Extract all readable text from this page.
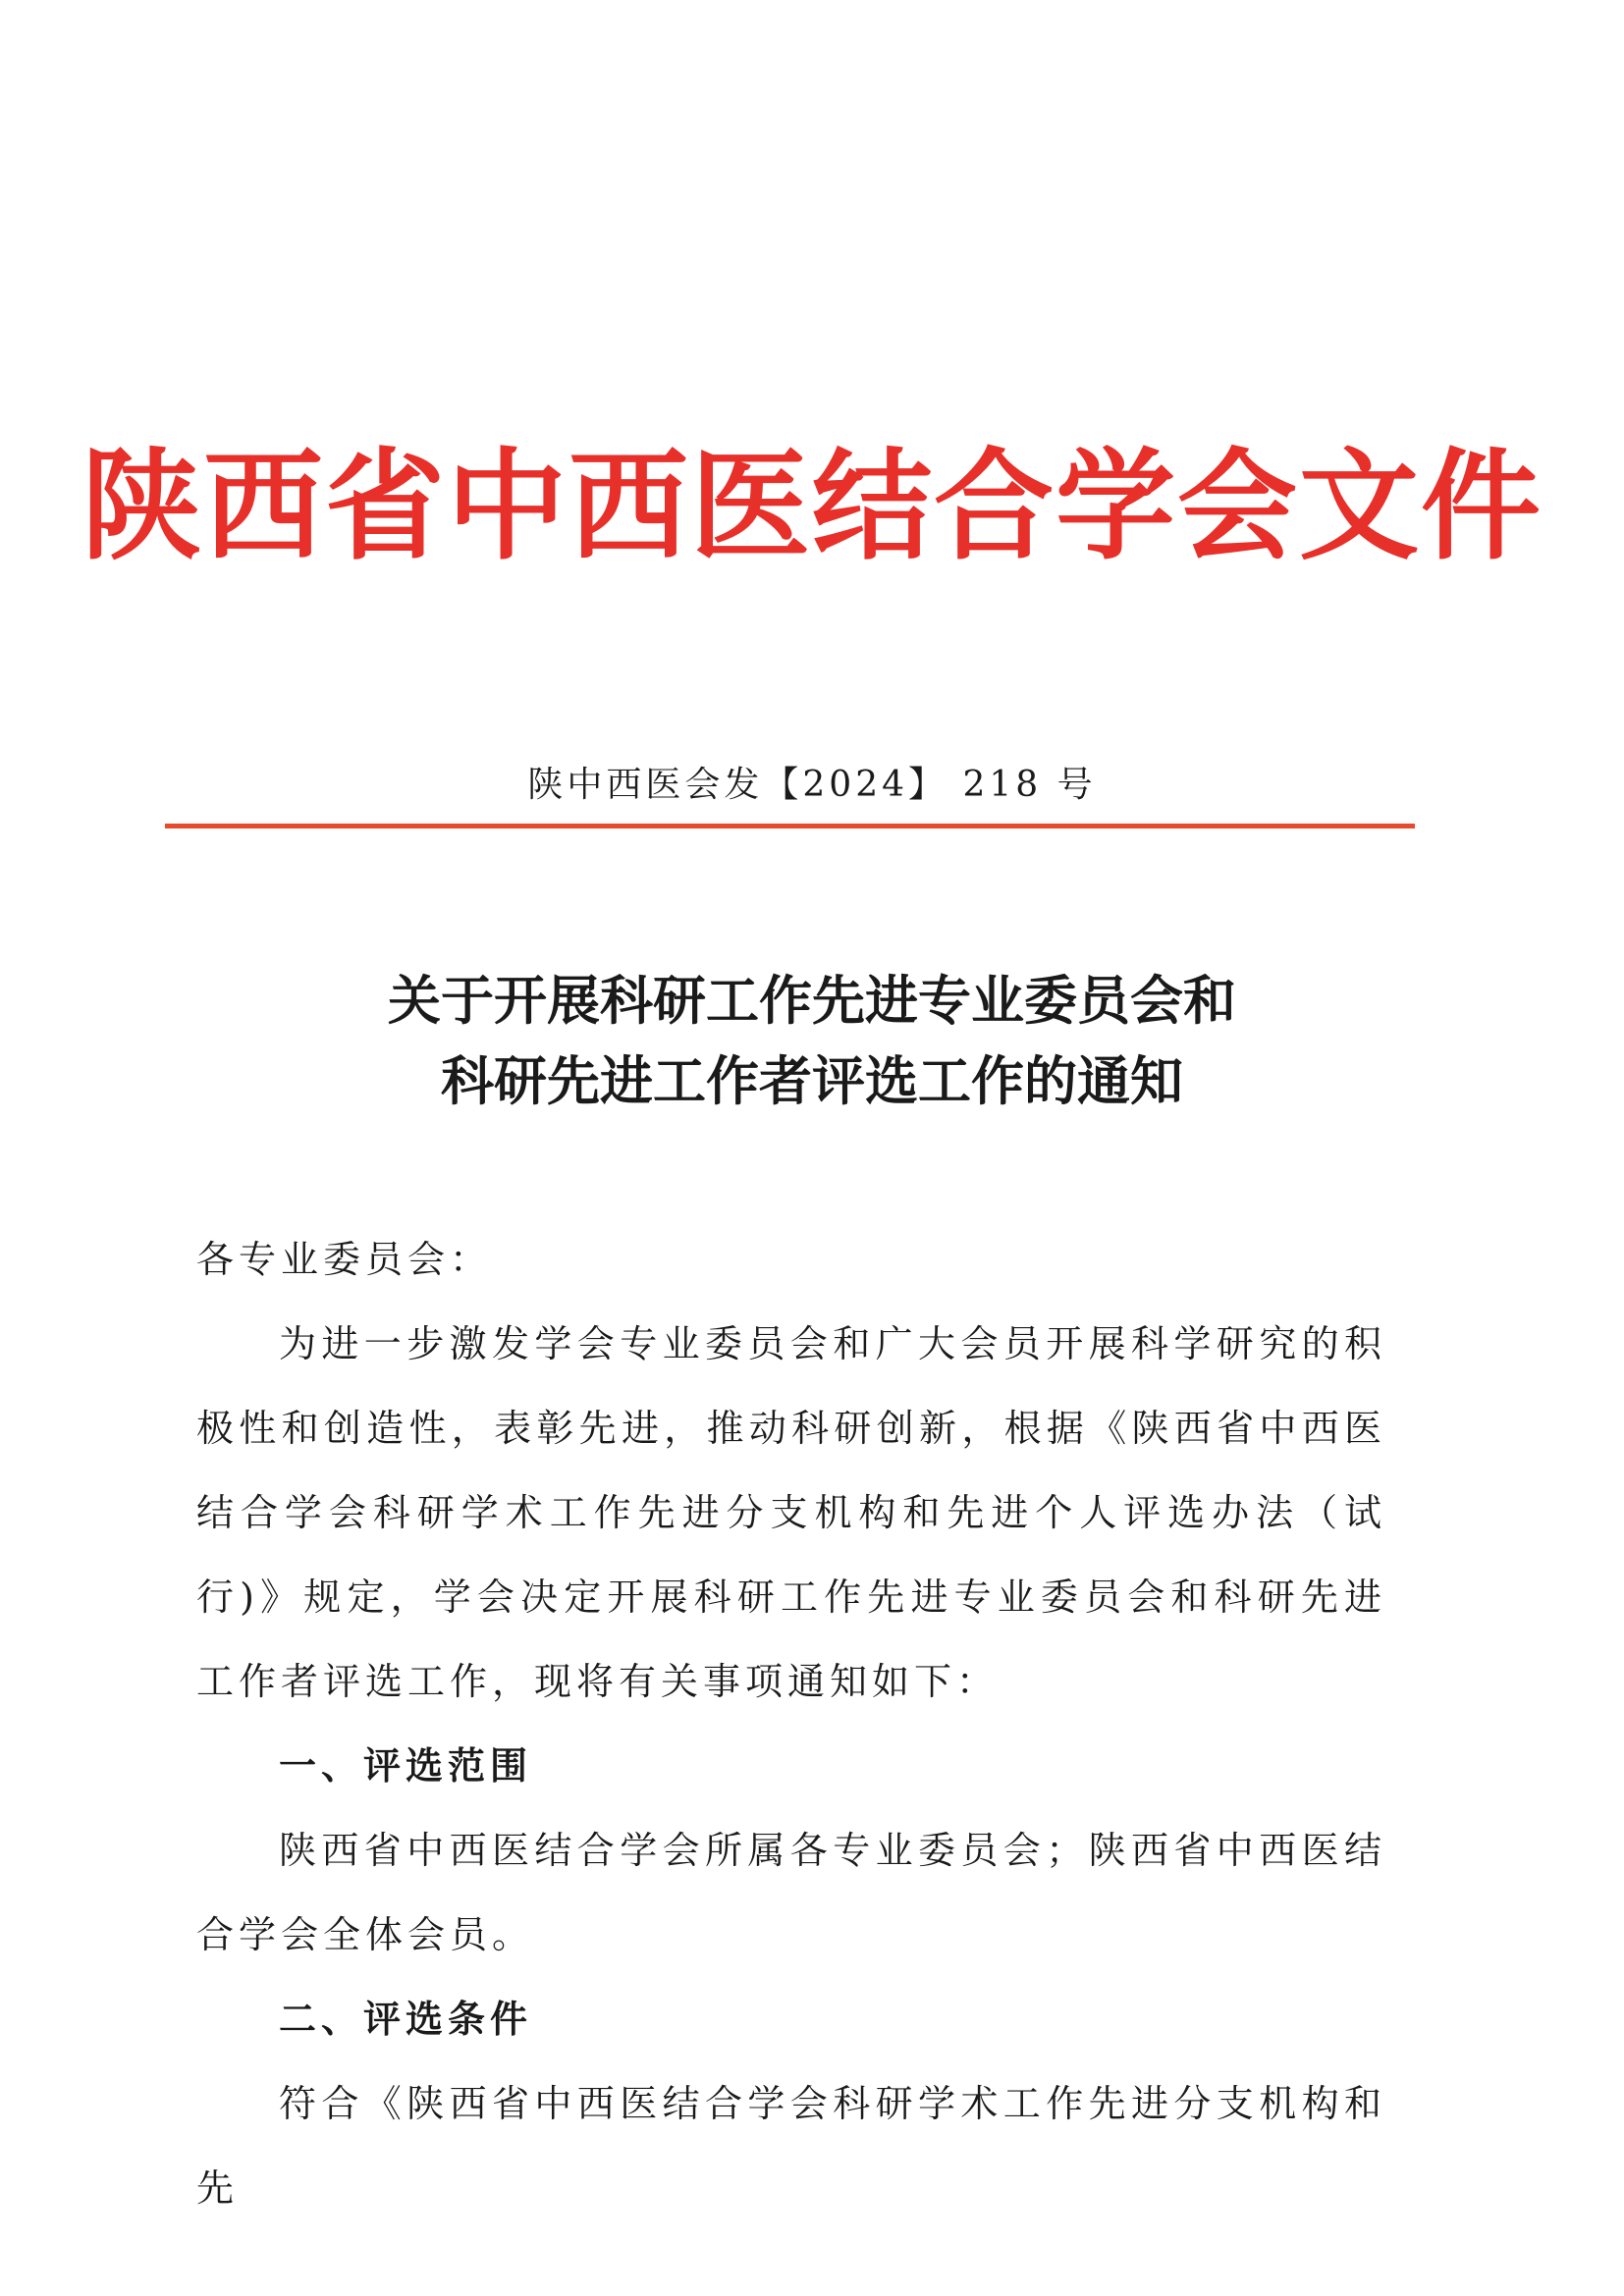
陕西省中西医结合学会文件
陕中西医会发【2024】 218 号
关于开展科研工作先进专业委员会和
科研先进工作者评选工作的通知

各专业委员会：

为进一步激发学会专业委员会和广大会员开展科学研究的积极性和创造性，表彰先进，推动科研创新，根据《陕西省中西医结合学会科研学术工作先进分支机构和先进个人评选办法（试行)》规定，学会决定开展科研工作先进专业委员会和科研先进工作者评选工作，现将有关事项通知如下：

一、评选范围

陕西省中西医结合学会所属各专业委员会；陕西省中西医结合学会全体会员。

二、评选条件

符合《陕西省中西医结合学会科研学术工作先进分支机构和先
